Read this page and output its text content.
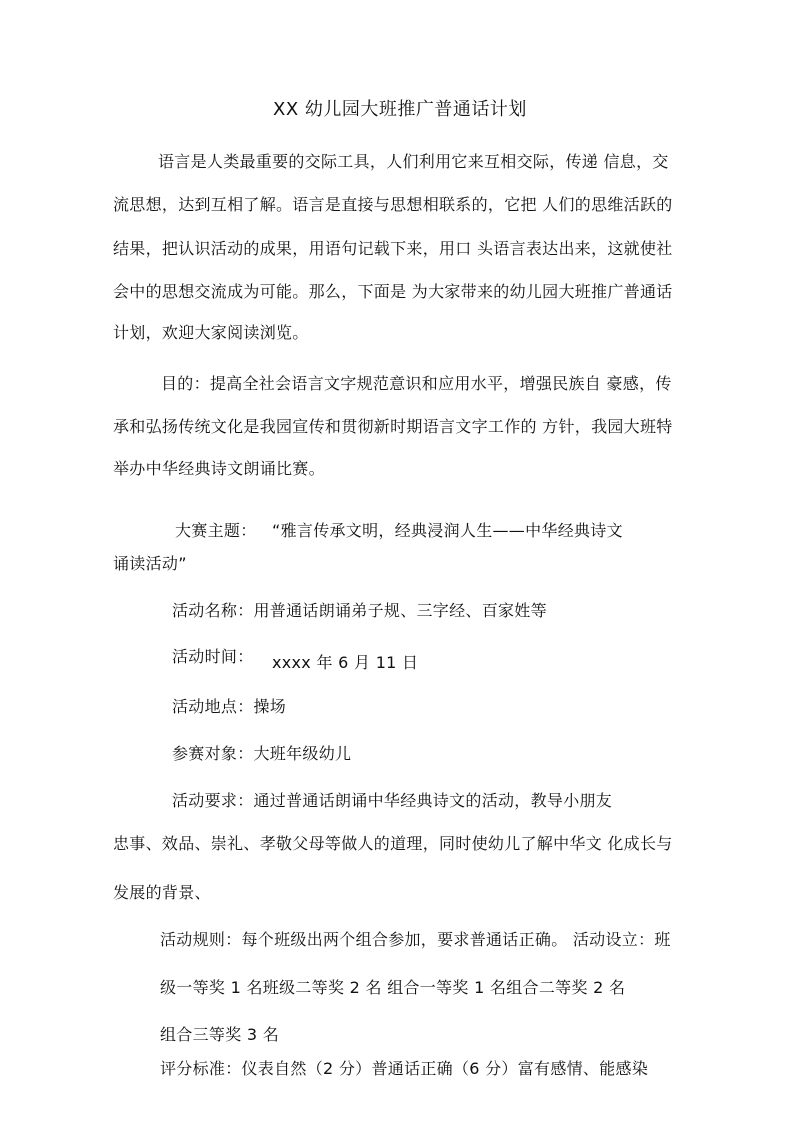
XX 幼儿园大班推广普通话计划
语言是人类最重要的交际工具，人们利用它来互相交际，传递 信息，交
流思想，达到互相了解。语言是直接与思想相联系的，它把 人们的思维活跃的
结果，把认识活动的成果，用语句记载下来，用口 头语言表达出来，这就使社
会中的思想交流成为可能。那么，下面是 为大家带来的幼儿园大班推广普通话
计划，欢迎大家阅读浏览。
目的：提高全社会语言文字规范意识和应用水平，增强民族自 豪感，传
承和弘扬传统文化是我园宣传和贯彻新时期语言文字工作的 方针，我园大班特
举办中华经典诗文朗诵比赛。
大赛主题： “雅言传承文明，经典浸润人生——中华经典诗文
诵读活动”
活动名称：用普通话朗诵弟子规、三字经、百家姓等
活动时间： xxxx 年 6 月 11 日
活动地点：操场
参赛对象：大班年级幼儿
活动要求：通过普通话朗诵中华经典诗文的活动，教导小朋友
忠事、效品、崇礼、孝敬父母等做人的道理，同时使幼儿了解中华文 化成长与
发展的背景、
活动规则：每个班级出两个组合参加，要求普通话正确。 活动设立：班
级一等奖 1 名班级二等奖 2 名 组合一等奖 1 名组合二等奖 2 名
组合三等奖 3 名
评分标准：仪表自然（2 分）普通话正确（6 分）富有感情、能感染
